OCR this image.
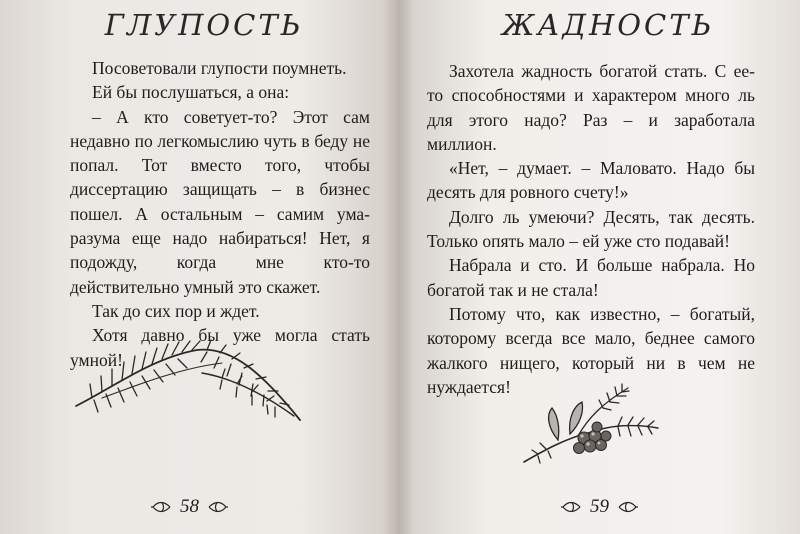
ГЛУПОСТЬ

Посоветовали глупости поумнеть.

Ей бы послушаться, а она:

– А кто советует-то? Этот сам недавно по легкомыслию чуть в беду не попал. Тот вместо того, чтобы диссертацию защищать – в бизнес пошел. А остальным – самим ума-разума еще надо набираться! Нет, я подожду, когда мне кто-то действительно умный это скажет.

Так до сих пор и ждет.

Хотя давно бы уже могла стать умной!

58
ЖАДНОСТЬ

Захотела жадность богатой стать. С ее-то способностями и характером много ль для этого надо? Раз – и заработала миллион.

«Нет, – думает. – Маловато. Надо бы десять для ровного счету!»

Долго ль умеючи? Десять, так десять. Только опять мало – ей уже сто подавай!

Набрала и сто. И больше набрала. Но богатой так и не стала!

Потому что, как известно, – богатый, которому всегда все мало, беднее самого жалкого нищего, который ни в чем не нуждается!

59
